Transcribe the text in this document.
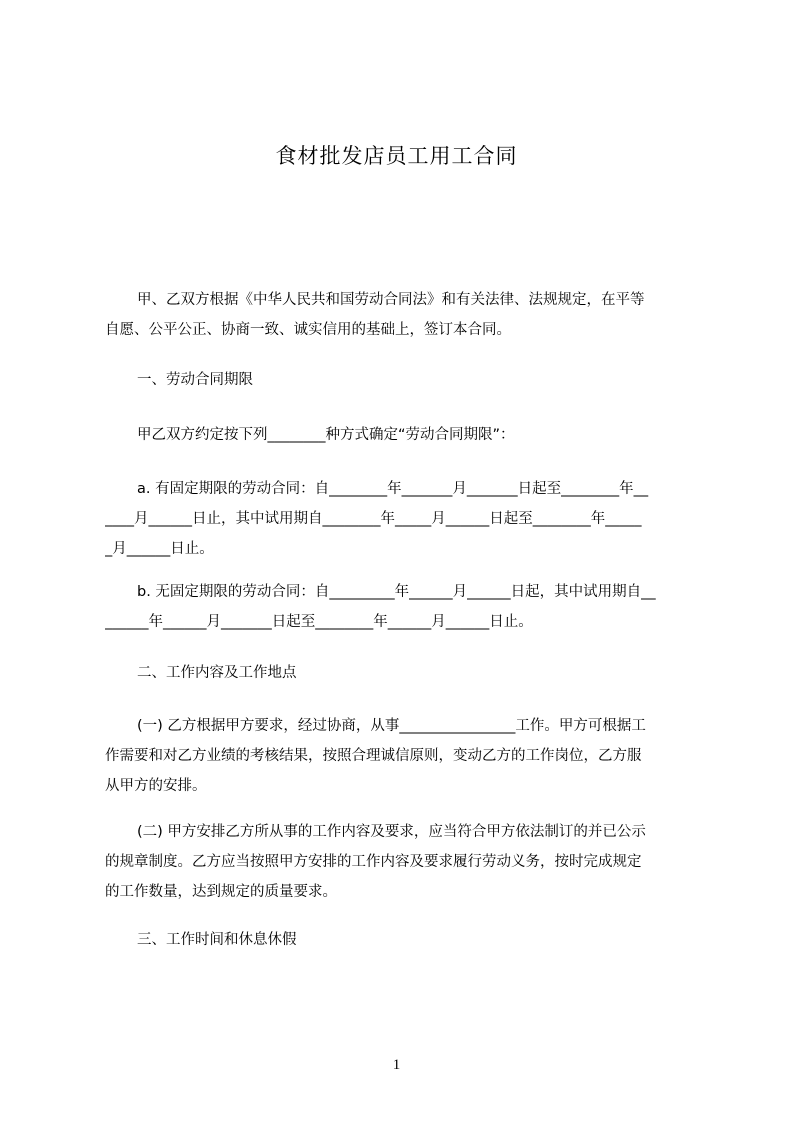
食材批发店员工用工合同

甲、乙双方根据《中华人民共和国劳动合同法》和有关法律、法规规定，在平等
自愿、公平公正、协商一致、诚实信用的基础上，签订本合同。

一、劳动合同期限

甲乙双方约定按下列________种方式确定“劳动合同期限”：

a. 有固定期限的劳动合同：自________年_______月_______日起至________年__
____月______日止，其中试用期自________年_____月______日起至________年_____
_月______日止。

b. 无固定期限的劳动合同：自_________年______月______日起，其中试用期自__
______年______月_______日起至________年______月______日止。

二、工作内容及工作地点

(一) 乙方根据甲方要求，经过协商，从事________________工作。甲方可根据工
作需要和对乙方业绩的考核结果，按照合理诚信原则，变动乙方的工作岗位，乙方服
从甲方的安排。

(二) 甲方安排乙方所从事的工作内容及要求，应当符合甲方依法制订的并已公示
的规章制度。乙方应当按照甲方安排的工作内容及要求履行劳动义务，按时完成规定
的工作数量，达到规定的质量要求。

三、工作时间和休息休假

1
